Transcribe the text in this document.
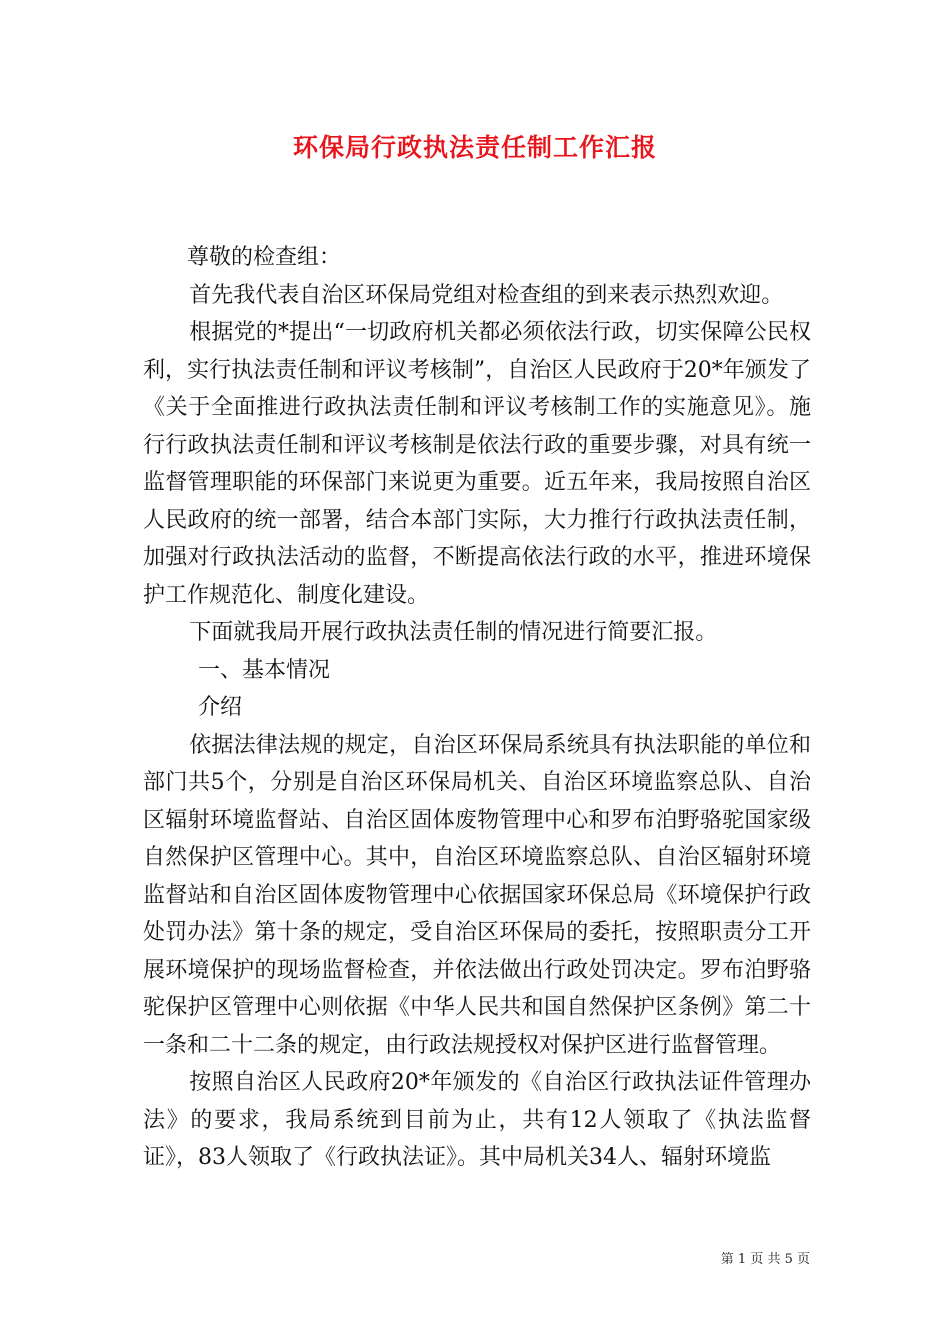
环保局行政执法责任制工作汇报

尊敬的检查组：

首先我代表自治区环保局党组对检查组的到来表示热烈欢迎。

根据党的*提出“一切政府机关都必须依法行政，切实保障公民权利，实行执法责任制和评议考核制”，自治区人民政府于20*年颁发了《关于全面推进行政执法责任制和评议考核制工作的实施意见》。施行行政执法责任制和评议考核制是依法行政的重要步骤，对具有统一监督管理职能的环保部门来说更为重要。近五年来，我局按照自治区人民政府的统一部署，结合本部门实际，大力推行行政执法责任制，加强对行政执法活动的监督，不断提高依法行政的水平，推进环境保护工作规范化、制度化建设。

下面就我局开展行政执法责任制的情况进行简要汇报。

一、基本情况

介绍

依据法律法规的规定，自治区环保局系统具有执法职能的单位和部门共5个，分别是自治区环保局机关、自治区环境监察总队、自治区辐射环境监督站、自治区固体废物管理中心和罗布泊野骆驼国家级自然保护区管理中心。其中，自治区环境监察总队、自治区辐射环境监督站和自治区固体废物管理中心依据国家环保总局《环境保护行政处罚办法》第十条的规定，受自治区环保局的委托，按照职责分工开展环境保护的现场监督检查，并依法做出行政处罚决定。罗布泊野骆驼保护区管理中心则依据《中华人民共和国自然保护区条例》第二十一条和二十二条的规定，由行政法规授权对保护区进行监督管理。

按照自治区人民政府20*年颁发的《自治区行政执法证件管理办法》的要求，我局系统到目前为止，共有12人领取了《执法监督证》，83人领取了《行政执法证》。其中局机关34人、辐射环境监

第 1 页 共 5 页
